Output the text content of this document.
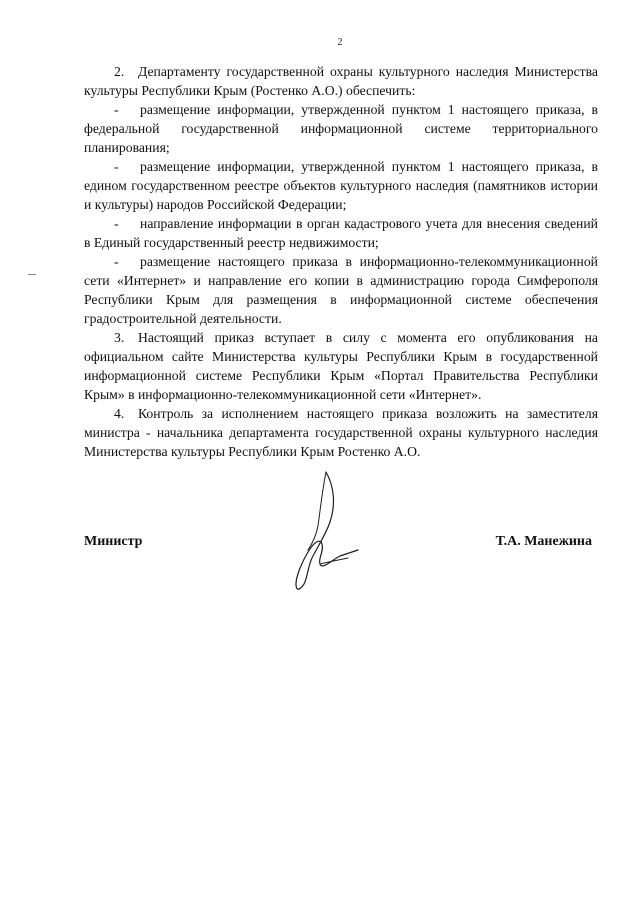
2

2. Департаменту государственной охраны культурного наследия Министерства культуры Республики Крым (Ростенко А.О.) обеспечить:

- размещение информации, утвержденной пунктом 1 настоящего приказа, в федеральной государственной информационной системе территориального планирования;

- размещение информации, утвержденной пунктом 1 настоящего приказа, в едином государственном реестре объектов культурного наследия (памятников истории и культуры) народов Российской Федерации;

- направление информации в орган кадастрового учета для внесения сведений в Единый государственный реестр недвижимости;

- размещение настоящего приказа в информационно-телекоммуникационной сети «Интернет» и направление его копии в администрацию города Симферополя Республики Крым для размещения в информационной системе обеспечения градостроительной деятельности.

3. Настоящий приказ вступает в силу с момента его опубликования на официальном сайте Министерства культуры Республики Крым в государственной информационной системе Республики Крым «Портал Правительства Республики Крым» в информационно-телекоммуникационной сети «Интернет».

4. Контроль за исполнением настоящего приказа возложить на заместителя министра - начальника департамента государственной охраны культурного наследия Министерства культуры Республики Крым Ростенко А.О.

Министр	Т.А. Манежина
